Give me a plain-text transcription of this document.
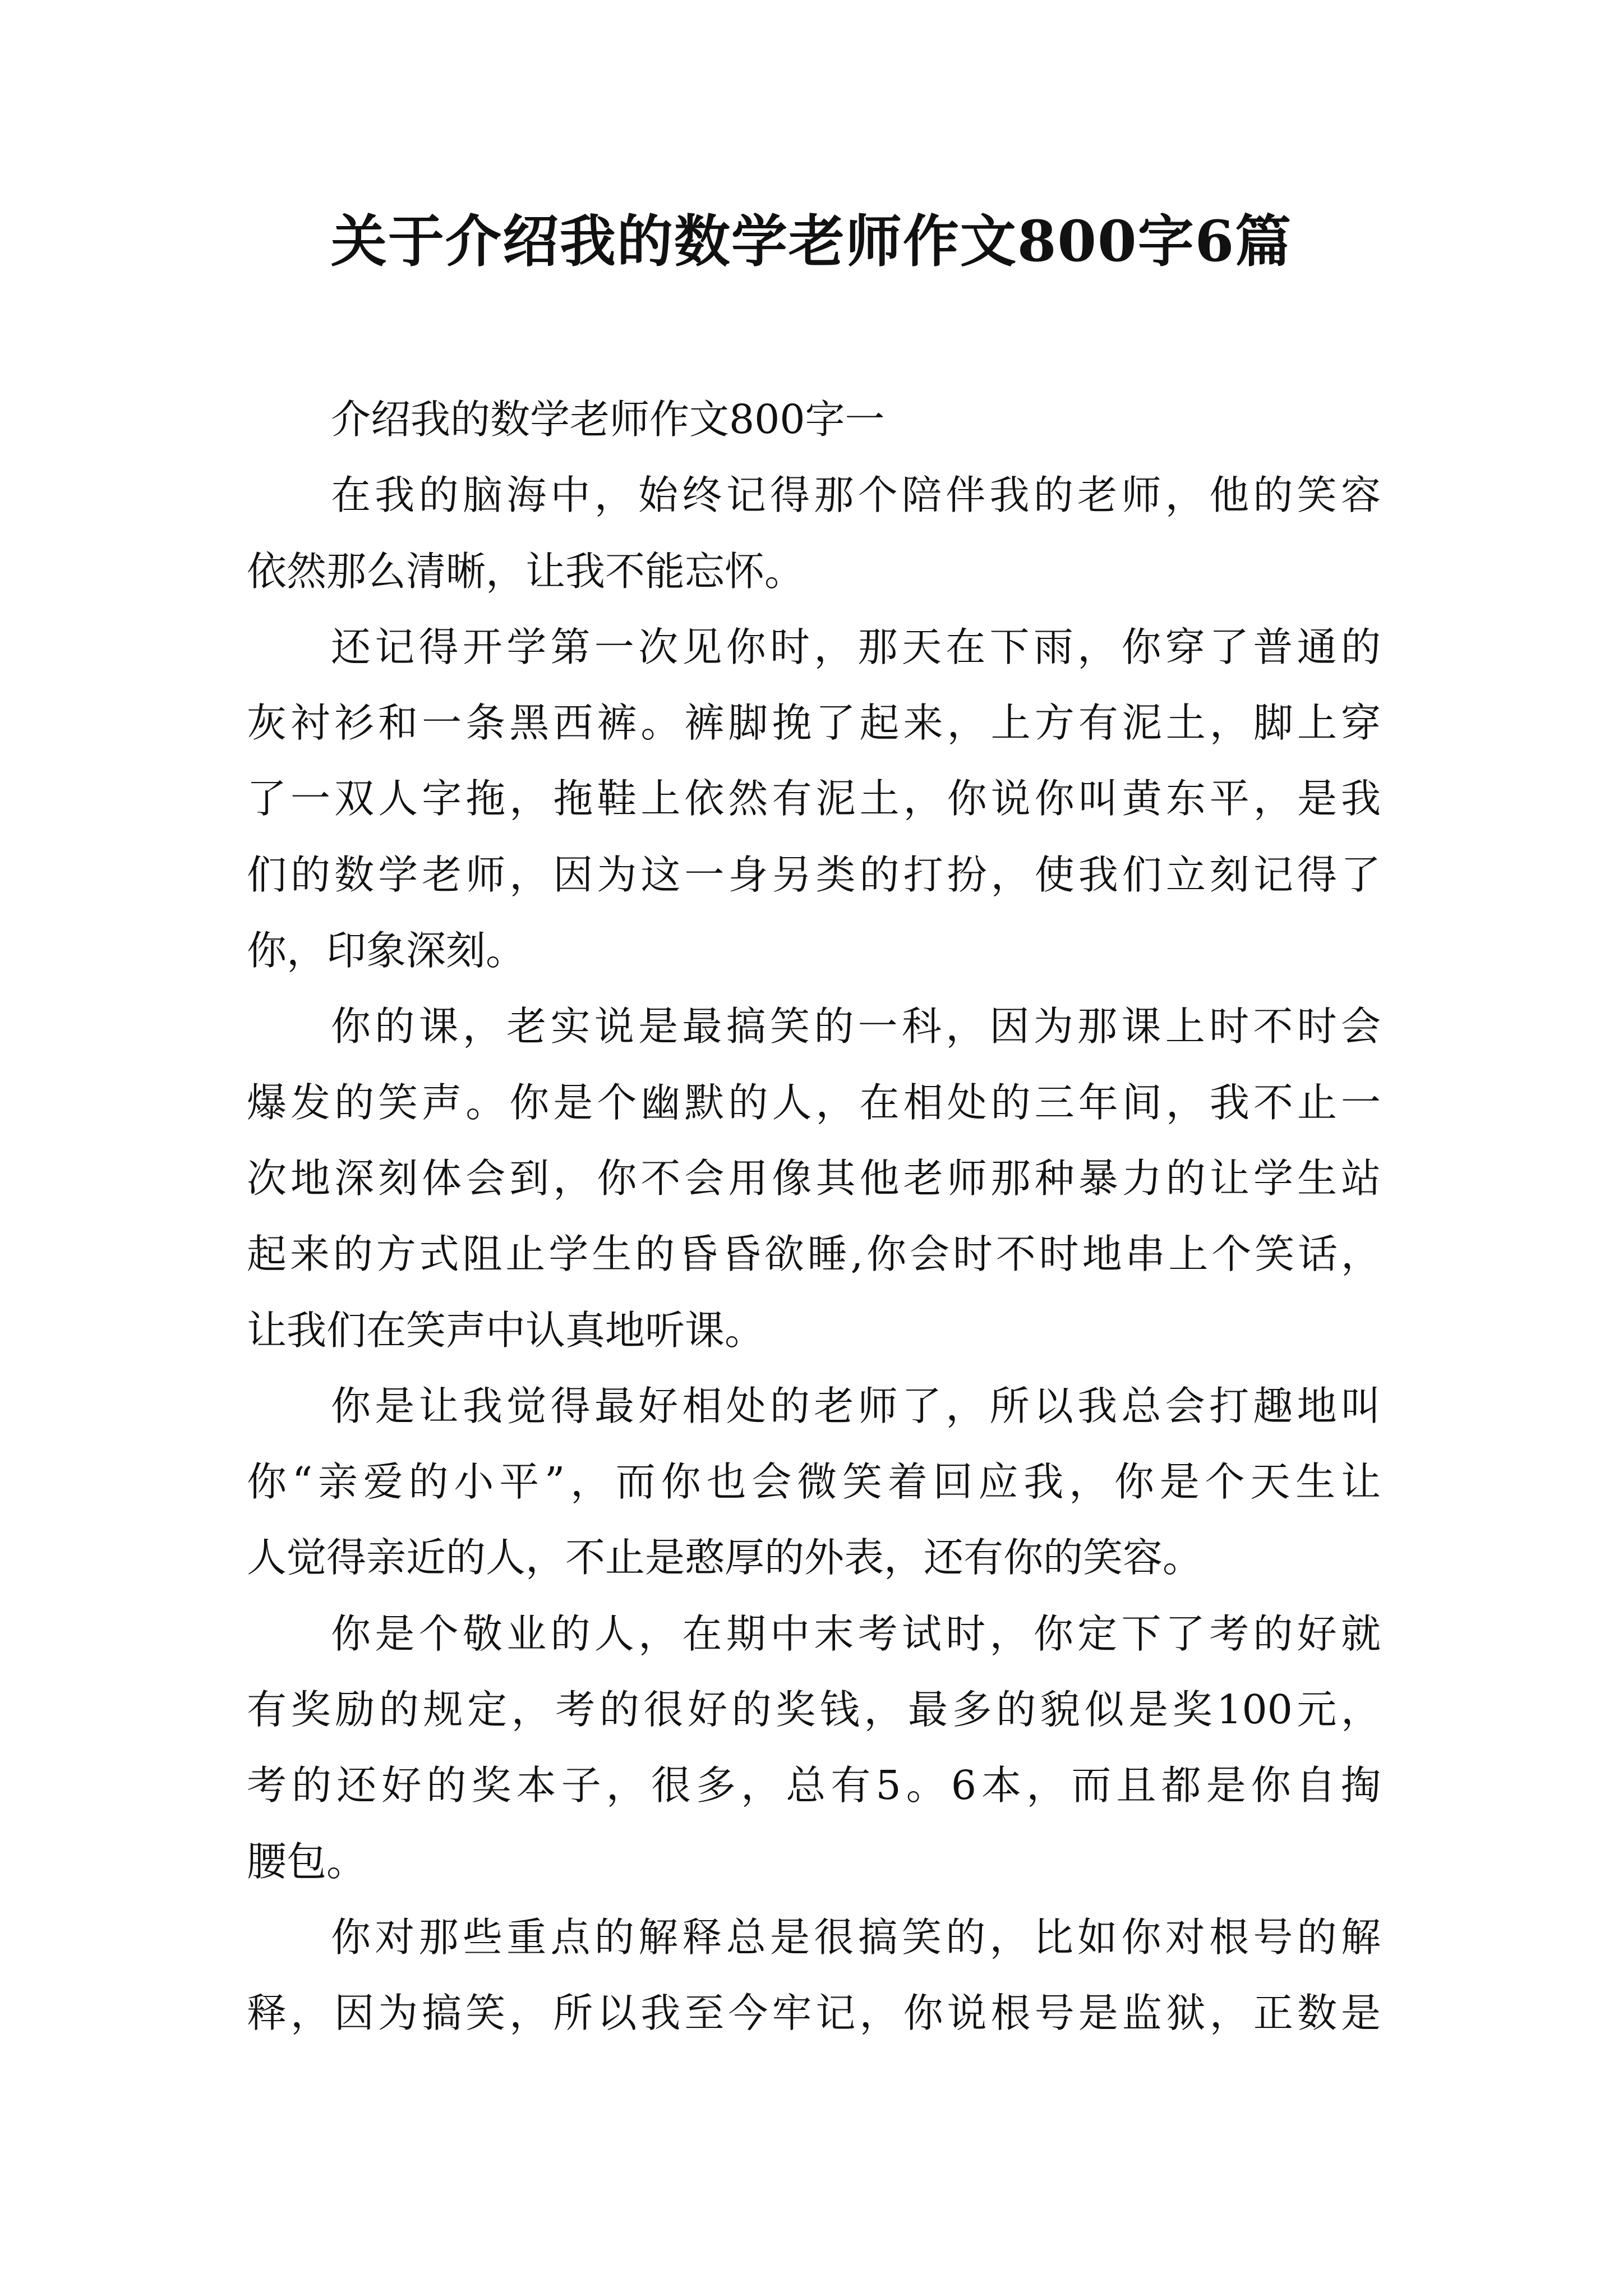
关于介绍我的数学老师作文800字6篇
介绍我的数学老师作文800字一
在我的脑海中，始终记得那个陪伴我的老师，他的笑容
依然那么清晰，让我不能忘怀。
还记得开学第一次见你时，那天在下雨，你穿了普通的
灰衬衫和一条黑西裤。裤脚挽了起来，上方有泥土，脚上穿
了一双人字拖，拖鞋上依然有泥土，你说你叫黄东平，是我
们的数学老师，因为这一身另类的打扮，使我们立刻记得了
你，印象深刻。
你的课，老实说是最搞笑的一科，因为那课上时不时会
爆发的笑声。你是个幽默的人，在相处的三年间，我不止一
次地深刻体会到，你不会用像其他老师那种暴力的让学生站
起来的方式阻止学生的昏昏欲睡,你会时不时地串上个笑话，
让我们在笑声中认真地听课。
你是让我觉得最好相处的老师了，所以我总会打趣地叫
你“亲爱的小平”，而你也会微笑着回应我，你是个天生让
人觉得亲近的人，不止是憨厚的外表，还有你的笑容。
你是个敬业的人，在期中末考试时，你定下了考的好就
有奖励的规定，考的很好的奖钱，最多的貌似是奖100元，
考的还好的奖本子，很多，总有5。6本，而且都是你自掏
腰包。
你对那些重点的解释总是很搞笑的，比如你对根号的解
释，因为搞笑，所以我至今牢记，你说根号是监狱，正数是
